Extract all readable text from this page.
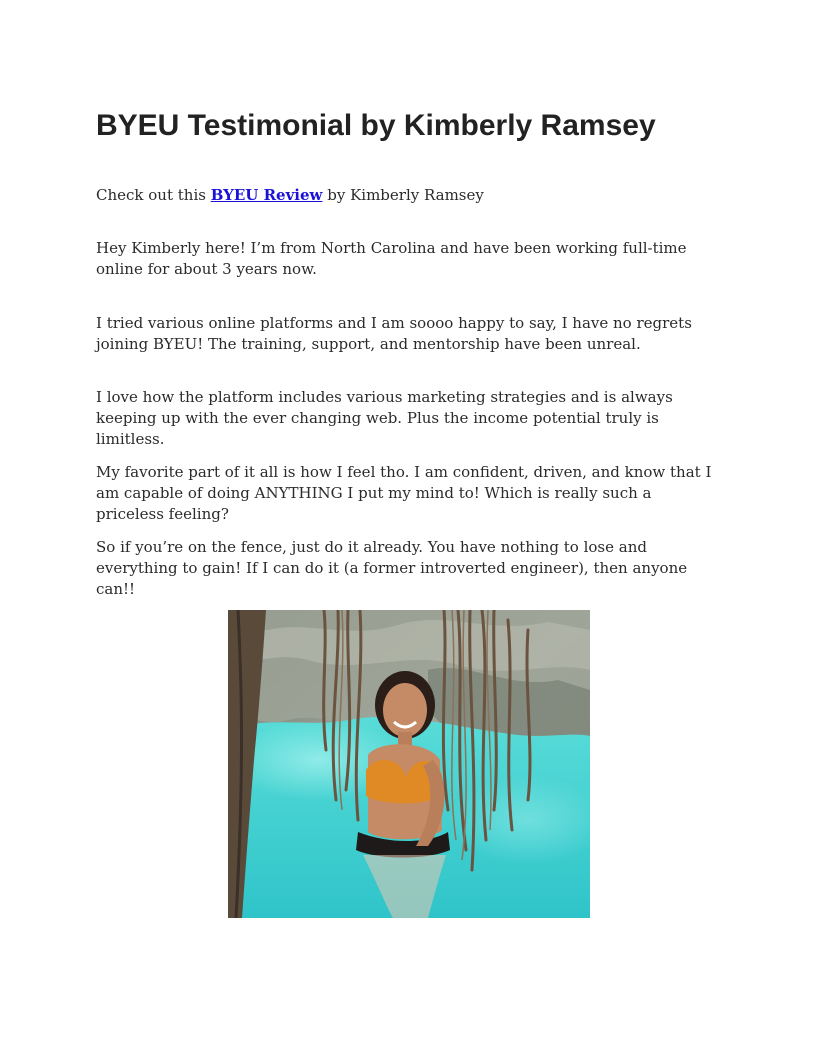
BYEU Testimonial by Kimberly Ramsey

Check out this BYEU Review by Kimberly Ramsey

Hey Kimberly here! I’m from North Carolina and have been working full-time online for about 3 years now.

I tried various online platforms and I am soooo happy to say, I have no regrets joining BYEU! The training, support, and mentorship have been unreal.

I love how the platform includes various marketing strategies and is always keeping up with the ever changing web. Plus the income potential truly is limitless.

My favorite part of it all is how I feel tho. I am confident, driven, and know that I am capable of doing ANYTHING I put my mind to! Which is really such a priceless feeling?

So if you’re on the fence, just do it already. You have nothing to lose and everything to gain! If I can do it (a former introverted engineer), then anyone can!!
